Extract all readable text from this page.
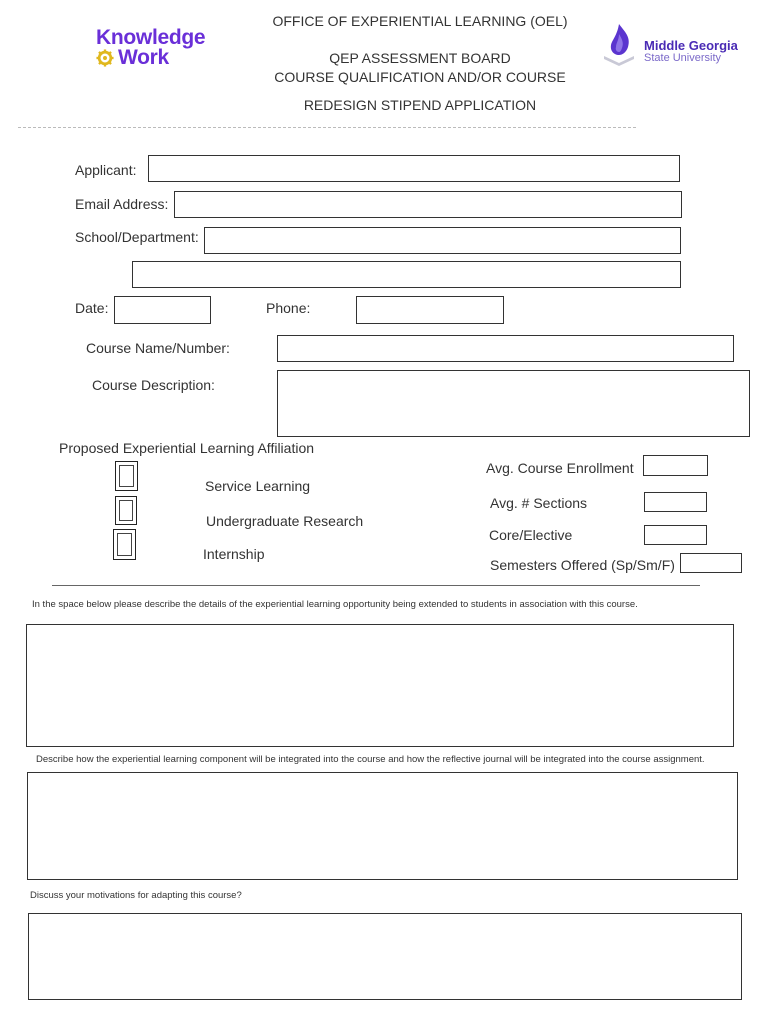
Knowledge
Work
Middle Georgia
State University
OFFICE OF EXPERIENTIAL LEARNING (OEL)
QEP ASSESSMENT BOARD
COURSE QUALIFICATION AND/OR COURSE
REDESIGN STIPEND APPLICATION
Applicant:
Email Address:
School/Department:
Date:	Phone:
Course Name/Number:
Course Description:
Proposed Experiential Learning Affiliation
Service Learning
Undergraduate Research
Internship
Avg. Course Enrollment
Avg. # Sections
Core/Elective
Semesters Offered (Sp/Sm/F)
In the space below please describe the details of the experiential learning opportunity being extended to students in association with this course.
Describe how the experiential learning component will be integrated into the course and how the reflective journal will be integrated into the course assignment.
Discuss your motivations for adapting this course?
